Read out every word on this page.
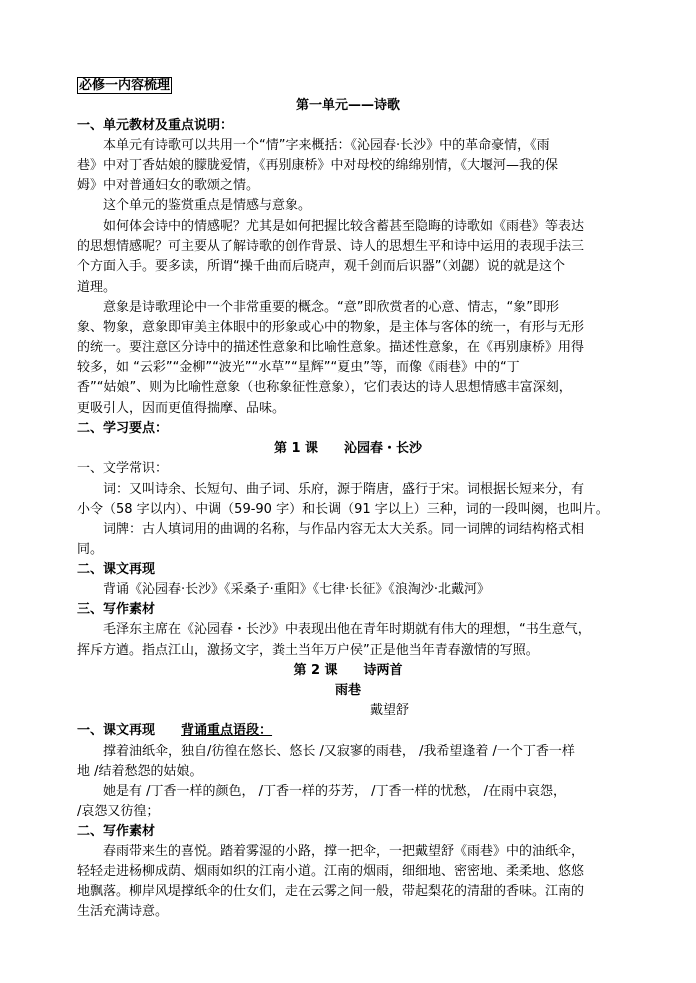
必修一内容梳理
第一单元——诗歌
一、单元教材及重点说明：
本单元有诗歌可以共用一个“情”字来概括：《沁园春·长沙》中的革命豪情，《雨
巷》中对丁香姑娘的朦胧爱情，《再别康桥》中对母校的绵绵别情，《大堰河—我的保
姆》中对普通妇女的歌颂之情。
这个单元的鉴赏重点是情感与意象。
如何体会诗中的情感呢？尤其是如何把握比较含蓄甚至隐晦的诗歌如《雨巷》等表达
的思想情感呢？可主要从了解诗歌的创作背景、诗人的思想生平和诗中运用的表现手法三
个方面入手。要多读，所谓“操千曲而后晓声，观千剑而后识器”（刘勰）说的就是这个
道理。
意象是诗歌理论中一个非常重要的概念。“意”即欣赏者的心意、情志，“象”即形
象、物象，意象即审美主体眼中的形象或心中的物象，是主体与客体的统一，有形与无形
的统一。要注意区分诗中的描述性意象和比喻性意象。描述性意象，在《再别康桥》用得
较多，如 “云彩”“金柳”“波光”“水草”“星辉”“夏虫”等，而像《雨巷》中的“丁
香”“姑娘”、则为比喻性意象（也称象征性意象），它们表达的诗人思想情感丰富深刻，
更吸引人，因而更值得揣摩、品味。
二、学习要点：
第 1 课　　沁园春・长沙
一、文学常识：
词：又叫诗余、长短句、曲子词、乐府，源于隋唐，盛行于宋。词根据长短来分，有
小令（58 字以内）、中调（59-90 字）和长调（91 字以上）三种，词的一段叫阕，也叫片。
词牌：古人填词用的曲调的名称，与作品内容无太大关系。同一词牌的词结构格式相
同。
二、课文再现
背诵《沁园春·长沙》《采桑子·重阳》《七律·长征》《浪淘沙·北戴河》
三、写作素材
毛泽东主席在《沁园春・长沙》中表现出他在青年时期就有伟大的理想，“书生意气，
挥斥方遒。指点江山，激扬文字，粪土当年万户侯”正是他当年青春激情的写照。
第 2 课　　诗两首
雨巷
戴望舒
一、课文再现　　 背诵重点语段：
撑着油纸伞，独自/彷徨在悠长、悠长 /又寂寥的雨巷， /我希望逢着 /一个丁香一样
地 /结着愁怨的姑娘。
她是有 /丁香一样的颜色， /丁香一样的芬芳， /丁香一样的忧愁， /在雨中哀怨，
/哀怨又彷徨；
二、写作素材
春雨带来生的喜悦。踏着雾湿的小路，撑一把伞，一把戴望舒《雨巷》中的油纸伞，
轻轻走进杨柳成荫、烟雨如织的江南小道。江南的烟雨，细细地、密密地、柔柔地、悠悠
地飘落。柳岸风堤撑纸伞的仕女们，走在云雾之间一般，带起梨花的清甜的香味。江南的
生活充满诗意。
